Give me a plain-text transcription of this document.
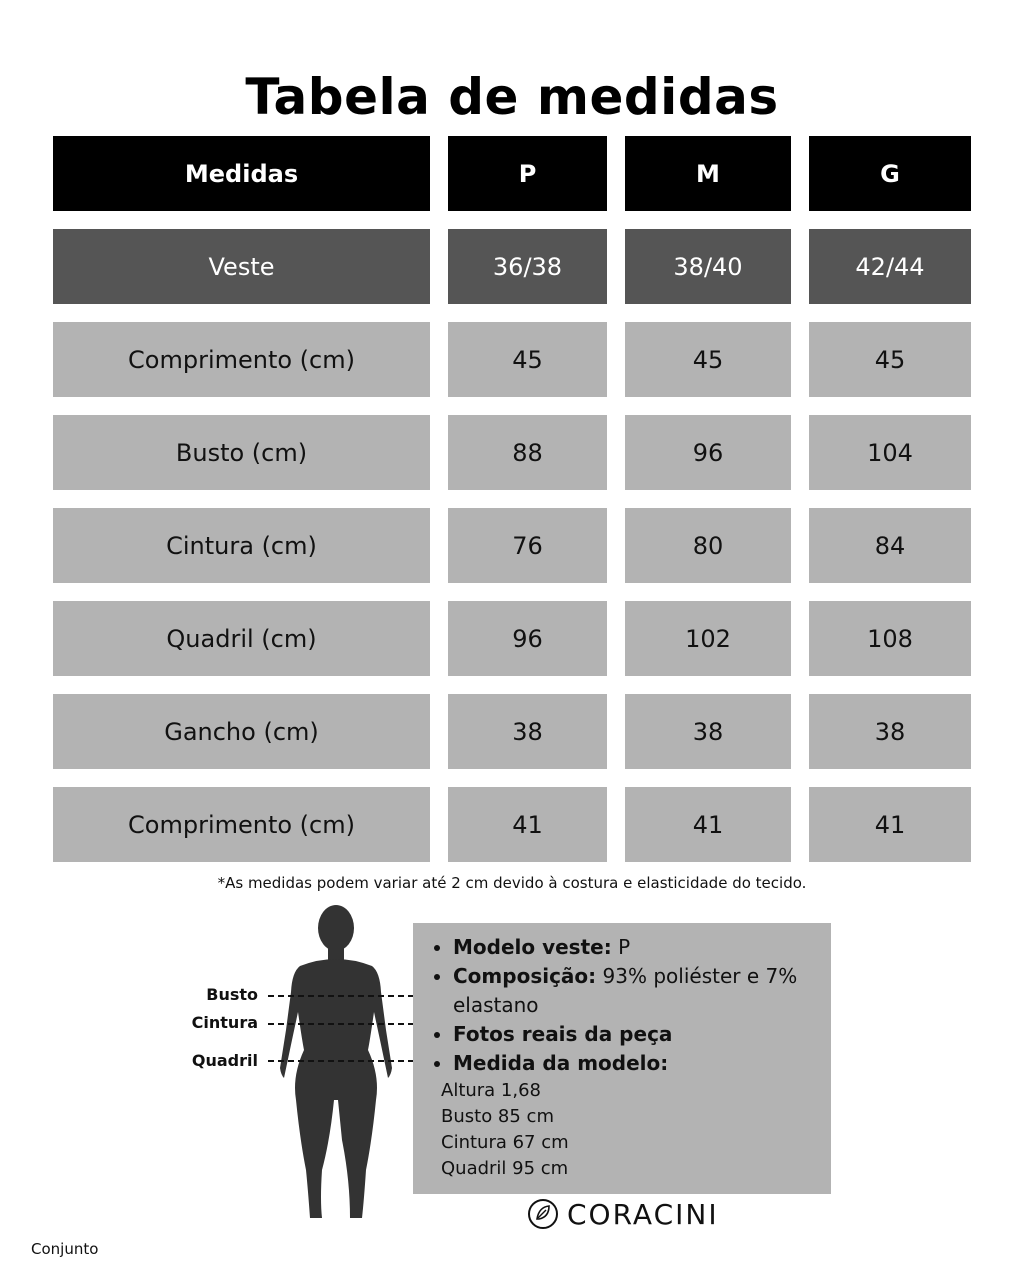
Tabela de medidas
Medidas	P	M	G
Veste	36/38	38/40	42/44
Comprimento (cm)	45	45	45
Busto (cm)	88	96	104
Cintura (cm)	76	80	84
Quadril (cm)	96	102	108
Gancho (cm)	38	38	38
Comprimento (cm)	41	41	41
*As medidas podem variar até 2 cm devido à costura e elasticidade do tecido.
Busto
Cintura
Quadril
• Modelo veste: P
• Composição: 93% poliéster e 7% elastano
• Fotos reais da peça
• Medida da modelo:
Altura 1,68
Busto 85 cm
Cintura 67 cm
Quadril 95 cm
CORACINI
Conjunto
